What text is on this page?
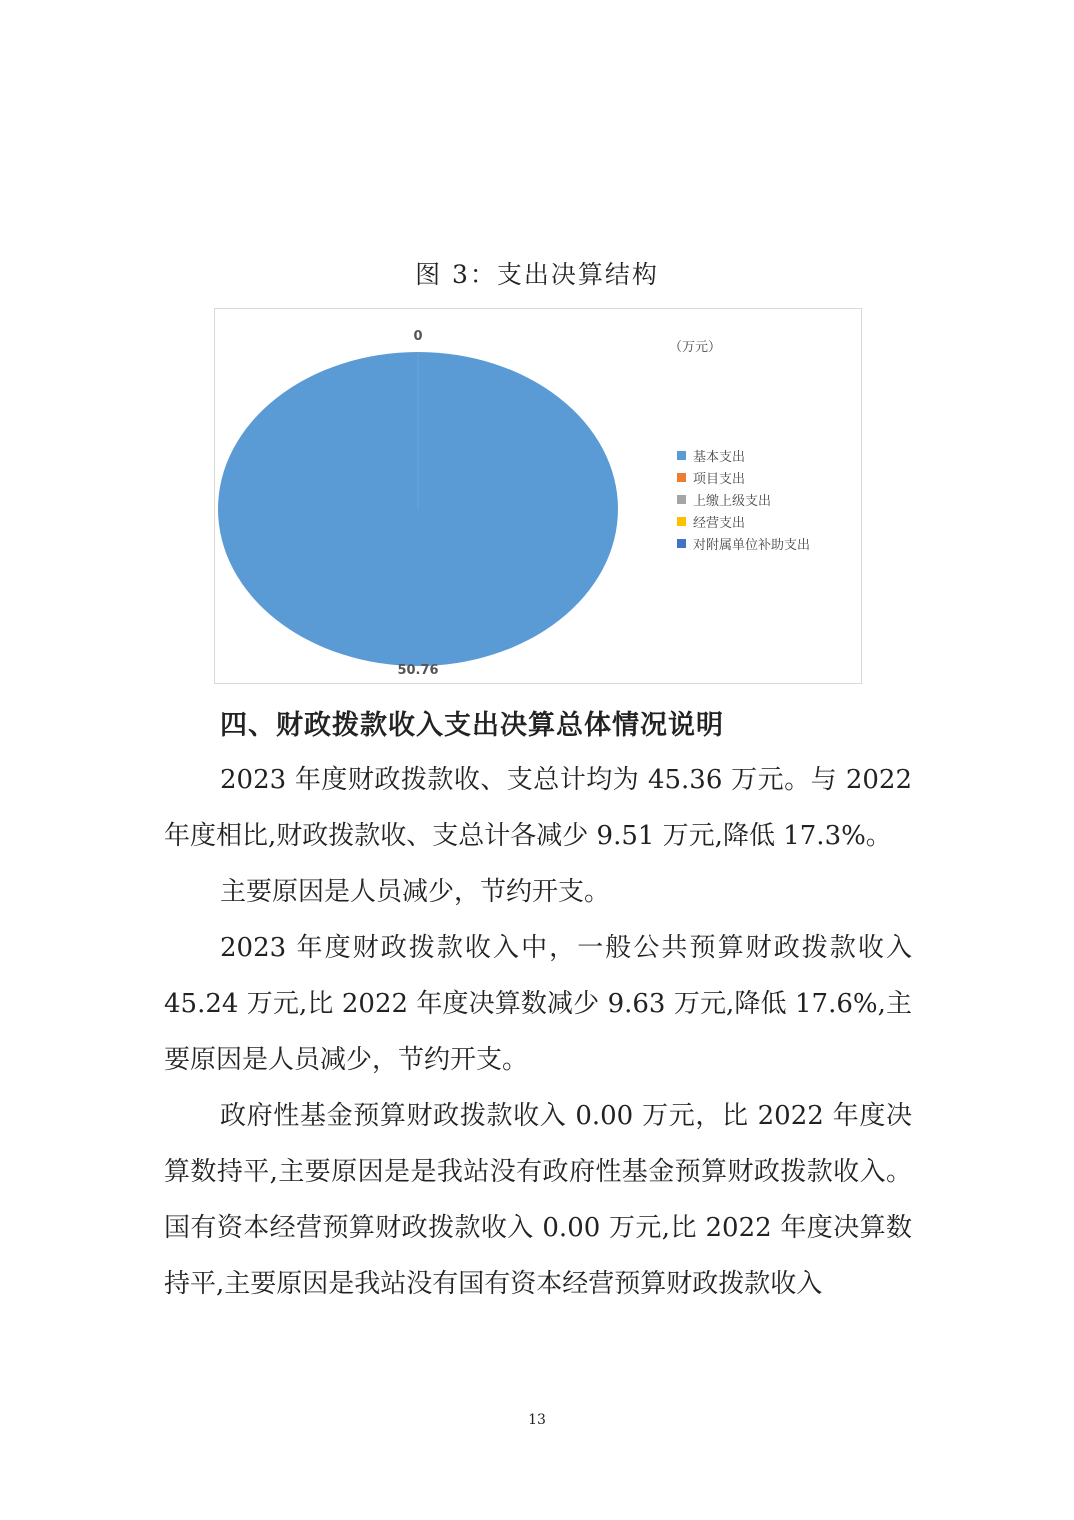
图 3：支出决算结构
50.76
0
（万元）
基本支出
项目支出
上缴上级支出
经营支出
对附属单位补助支出
四、财政拨款收入支出决算总体情况说明
2023 年度财政拨款收、支总计均为 45.36 万元。与 2022 年度相比,财政拨款收、支总计各减少 9.51 万元,降低 17.3%。
主要原因是人员减少，节约开支。
2023 年度财政拨款收入中，一般公共预算财政拨款收入 45.24 万元,比 2022 年度决算数减少 9.63 万元,降低 17.6%,主要原因是人员减少，节约开支。
政府性基金预算财政拨款收入 0.00 万元，比 2022 年度决算数持平,主要原因是是我站没有政府性基金预算财政拨款收入。国有资本经营预算财政拨款收入 0.00 万元,比 2022 年度决算数持平,主要原因是我站没有国有资本经营预算财政拨款收入
13
